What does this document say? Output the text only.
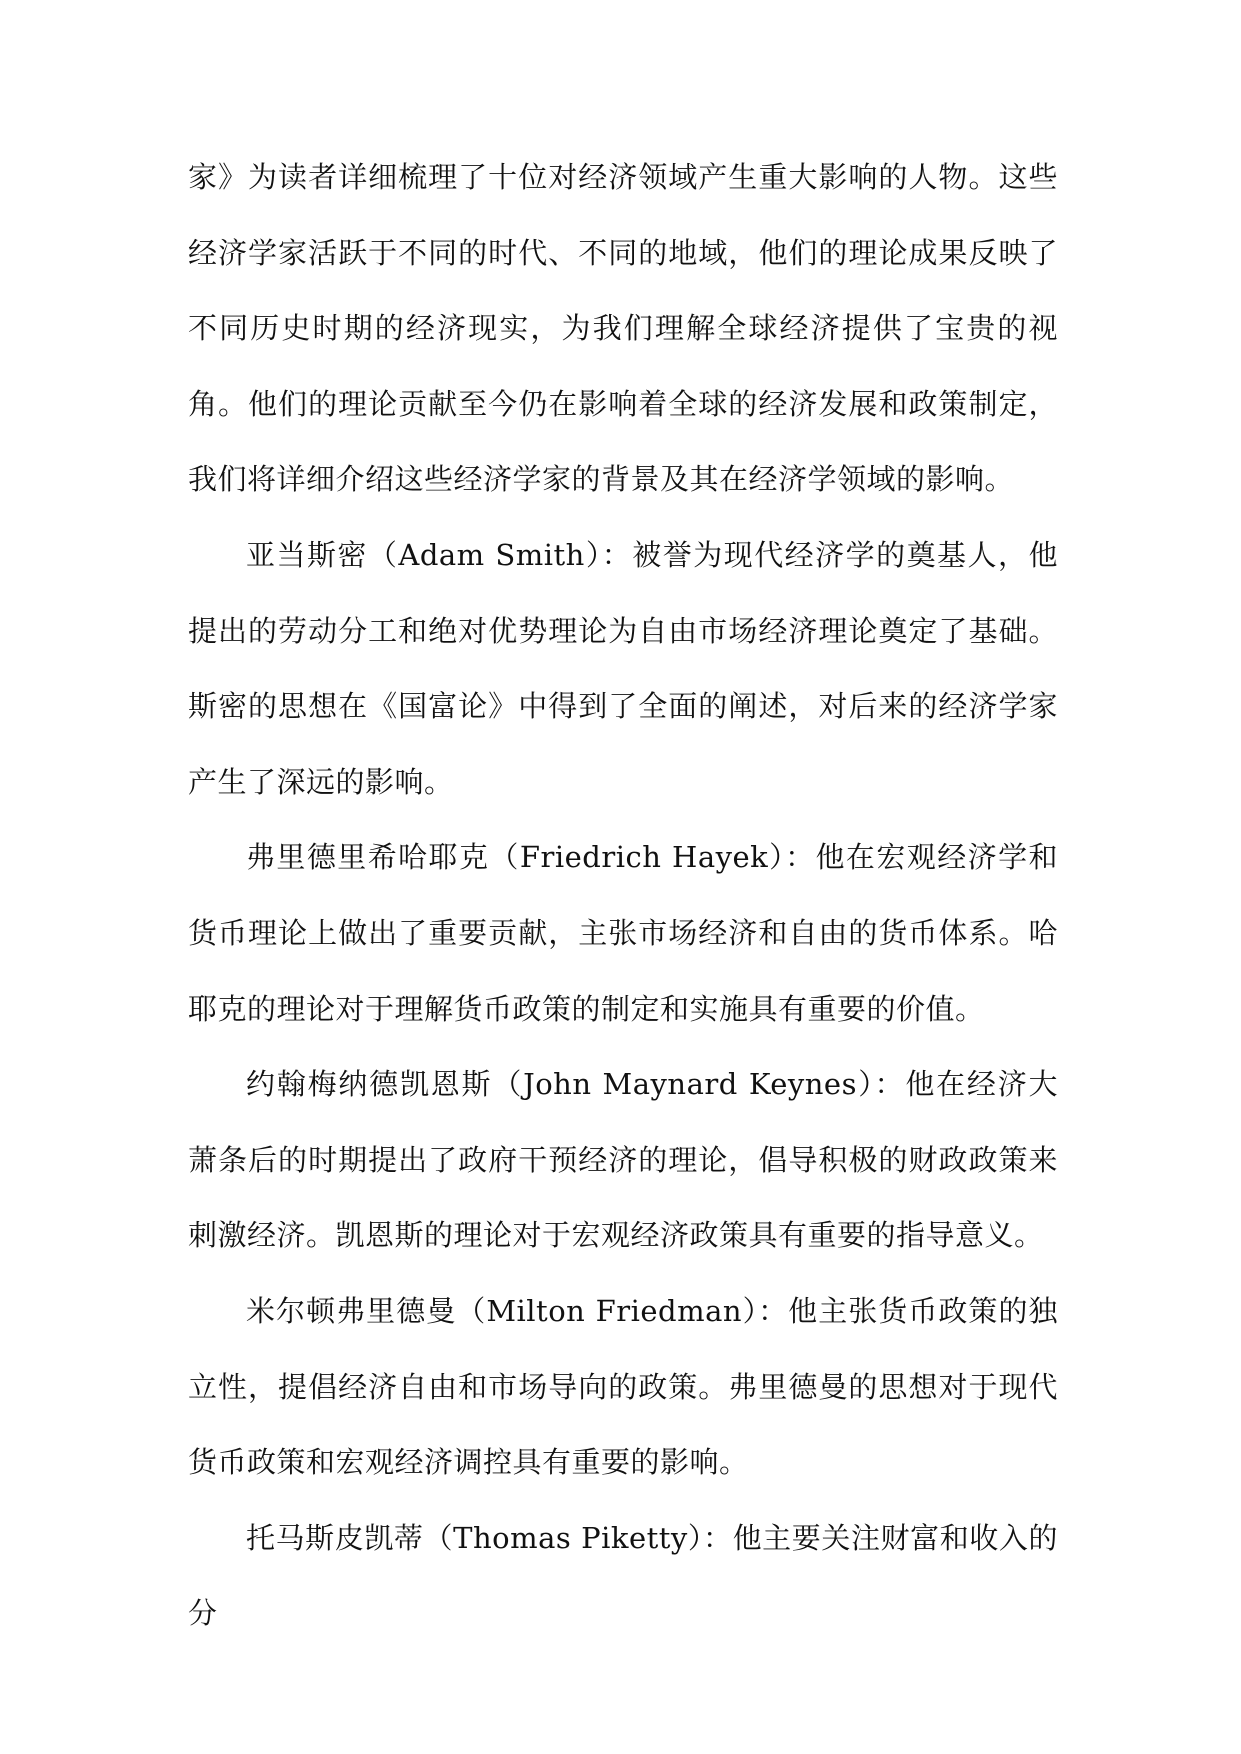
家》为读者详细梳理了十位对经济领域产生重大影响的人物。这些经济学家活跃于不同的时代、不同的地域，他们的理论成果反映了不同历史时期的经济现实，为我们理解全球经济提供了宝贵的视角。他们的理论贡献至今仍在影响着全球的经济发展和政策制定，我们将详细介绍这些经济学家的背景及其在经济学领域的影响。

亚当斯密（Adam Smith）：被誉为现代经济学的奠基人，他提出的劳动分工和绝对优势理论为自由市场经济理论奠定了基础。斯密的思想在《国富论》中得到了全面的阐述，对后来的经济学家产生了深远的影响。

弗里德里希哈耶克（Friedrich Hayek）：他在宏观经济学和货币理论上做出了重要贡献，主张市场经济和自由的货币体系。哈耶克的理论对于理解货币政策的制定和实施具有重要的价值。

约翰梅纳德凯恩斯（John Maynard Keynes）：他在经济大萧条后的时期提出了政府干预经济的理论，倡导积极的财政政策来刺激经济。凯恩斯的理论对于宏观经济政策具有重要的指导意义。

米尔顿弗里德曼（Milton Friedman）：他主张货币政策的独立性，提倡经济自由和市场导向的政策。弗里德曼的思想对于现代货币政策和宏观经济调控具有重要的影响。

托马斯皮凯蒂（Thomas Piketty）：他主要关注财富和收入的分
